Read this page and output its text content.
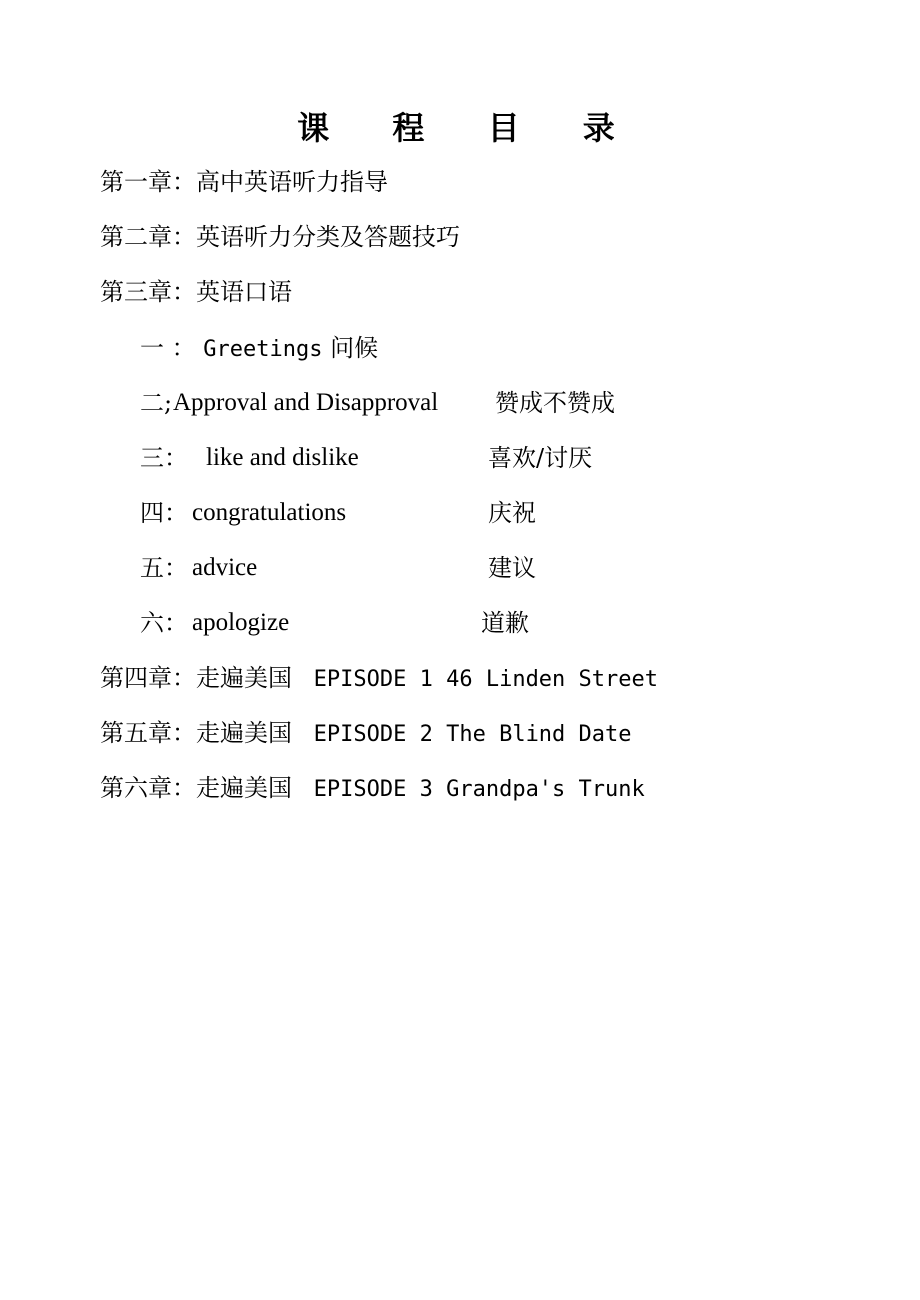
课 程 目 录
第一章：高中英语听力指导
第二章：英语听力分类及答题技巧
第三章：英语口语
一 ： Greetings 问候
二; Approval and Disapproval 赞成不赞成
三： like and dislike	喜欢/讨厌
四： congratulations	庆祝
五： advice	建议
六： apologize	道歉
第四章：走遍美国 EPISODE 1 46 Linden Street
第五章：走遍美国 EPISODE 2 The Blind Date
第六章：走遍美国 EPISODE 3 Grandpa's Trunk
